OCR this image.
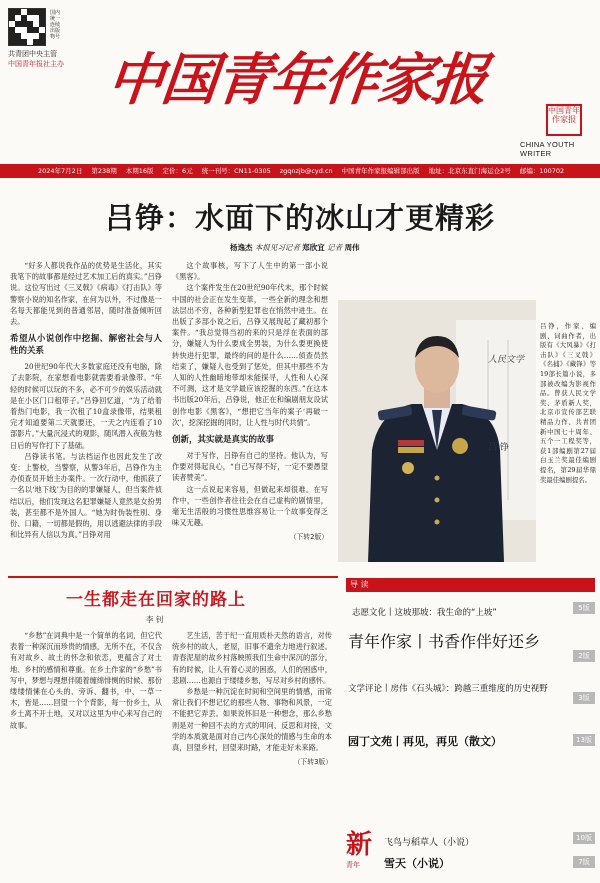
国内统一连续出版物号
共青团中央主管
中国青年报社主办 中国青年作家报	中国青年作家报
CHINA YOUTH WRITER
2024年7月2日 第238期 本期16版 定价：6元 统一刊号：CN11-0305 zgqnzjb@cyd.cn 中国青年作家报编辑部出版 地址：北京东直门海运仓2号 邮编：100702
吕铮：水面下的冰山才更精彩
杨逸杰 本报见习记者 郑欣宜 记者 周伟

“好多人都说我作品的优势是生活化，其实我笔下的故事都是经过艺术加工后的真实。”吕铮说。这位写出过《三叉戟》《病毒》《打击队》等警察小说的知名作家，在何为以外，不过像是一名每天都能见到的普通邻居，随时准备倾听回去。

希望从小说创作中挖掘、解密社会与人性的关系

20世纪90年代大多数家庭还没有电脑，除了去影院，在家想看电影就需要看录像带。“年轻的时候可以玩的不多，必不可少的娱乐活动就是在小区门口租带子。”吕铮回忆道，“为了给着着热门电影，我一次租了10盒录像带，结果租完才知道要第二天就要还，一天之内连看了10部影片。”大量沉浸式的观影，随风潜入夜般为他日后的写作打下了基础。

吕铮读书笔。与法档运作也因此发生了改变：上警校，当警察，从警3年后，吕铮作为主办侦查员开始主办案件。一次行动中，他抓获了一名以‘地下线’为目的的罪嫌疑人，但当案件侦结以后，他们发现这名犯罪嫌疑人竟然是女扮男装，甚至都不是外国人。“她为时伪装性别、身份、口籍，一切都是假的，用以逃避法律的手段和比异有人信以为真。”吕铮对用

这个故事核，写下了人生中的第一部小说《黑客》。

这个案件发生在20世纪90年代末，那个时候中国的社会正在发生变革，一些全新的理念和想法层出不穷，各种新型犯罪也在悄然中进生。在出版了多部小说之后，吕铮又展现起了藏初那个案件。“我总觉得当初的来的只是浮在表面的部分，嫌疑人为什么要成全男装，为什么要更换使转快进行犯罪，最终的问的是什么……侦查员然结束了，嫌疑人也受到了惩处，但其中那些不为人知的人性幽暗地带却未能探寻，人性和人心深不可测，这才是文学最应该挖掘的东西。”在这本书出版20年后，吕铮说，他正在和编剧朋友设试创作电影《黑客》，“想把它当年的案子‘再破一次’，挖深挖掘的同时，让人性与时代共情”。

创新，其实就是真实的故事

对于写作，吕铮有自己的坚持。他认为，写作要对得起良心，“自己写得不好，一定不要愚望读者赞美”。

这一点说起来容易，但做起来却很难。在写作中，一些创作者往往会在自己虚构的剧情里，毫无生活般的习惯性思维容易让一个故事变得乏味又无趣。

（下转2版）
人民文学
吕 铮
吕铮，作家、编剧、词曲作者，出版有《大风暴》《打击队》《三叉戟》《名捕》《藏锋》等19部长篇小说，多部被改编为影视作品。曾获人民文学奖、茅盾新人奖，北京市宣传部艺联精品力作、共青团新中国七十周年、五个一工程奖等，获1部编剧第27届白玉兰奖最佳编剧提名，第29届华鼎奖最佳编剧提名。
一生都走在回家的路上
李 钊

“乡愁”在词典中是一个简单的名词，但它代表着一种深沉而珍贵的情感，无所不在，不仅含有对故乡、故土的怀念和依恋，更蕴含了对土地、乡村的感情和尊重。在乡土作家的“乡愁”书写中，梦想与理想伴随着缠绵悱恻的时候、那份缕缕情愫在心头的、旁诉、翻书，中、一草一木，皆是……回望一个个背影，每一份乡土，从乡土离不开土地，又对以这里为中心来写自己的故事。

艺生活，苦于纪一直用质朴天然的语言，对传统乡村的故人，老屋，旧事不遗余力地进行叙述。青春泥屋的故乡村落映照我们生命中深沉的部分，有的时候，让人有着心灵的困惑，人们的困惑中，悲剧……也源自于缕缕乡愁，写尽对乡村的感怀。

乡愁是一种沉淀在时间和空间里的情感，而常常让我们不想记忆的那些人物、事物和风景，一定不能把它弄丢。如果说怀旧是一种想念，那么乡愁则是对一种回不去的方式的叩问、反思和对接，文学的本质就是面对自己内心深处的情感与生命的本真，回望乡村，回望来时路，才能走好未来路。

（下转3版）
导 读
志愿文化丨这坡那坡：我生命的“上坡”	5版
青年作家丨书香作伴好还乡
2版
文学评论丨房伟《石头城》：跨越三重维度的历史视野
3版
园丁文苑丨再见，再见（散文）	13版
新
青年
飞鸟与稻草人（小说）	10版
雪天（小说）	7版
